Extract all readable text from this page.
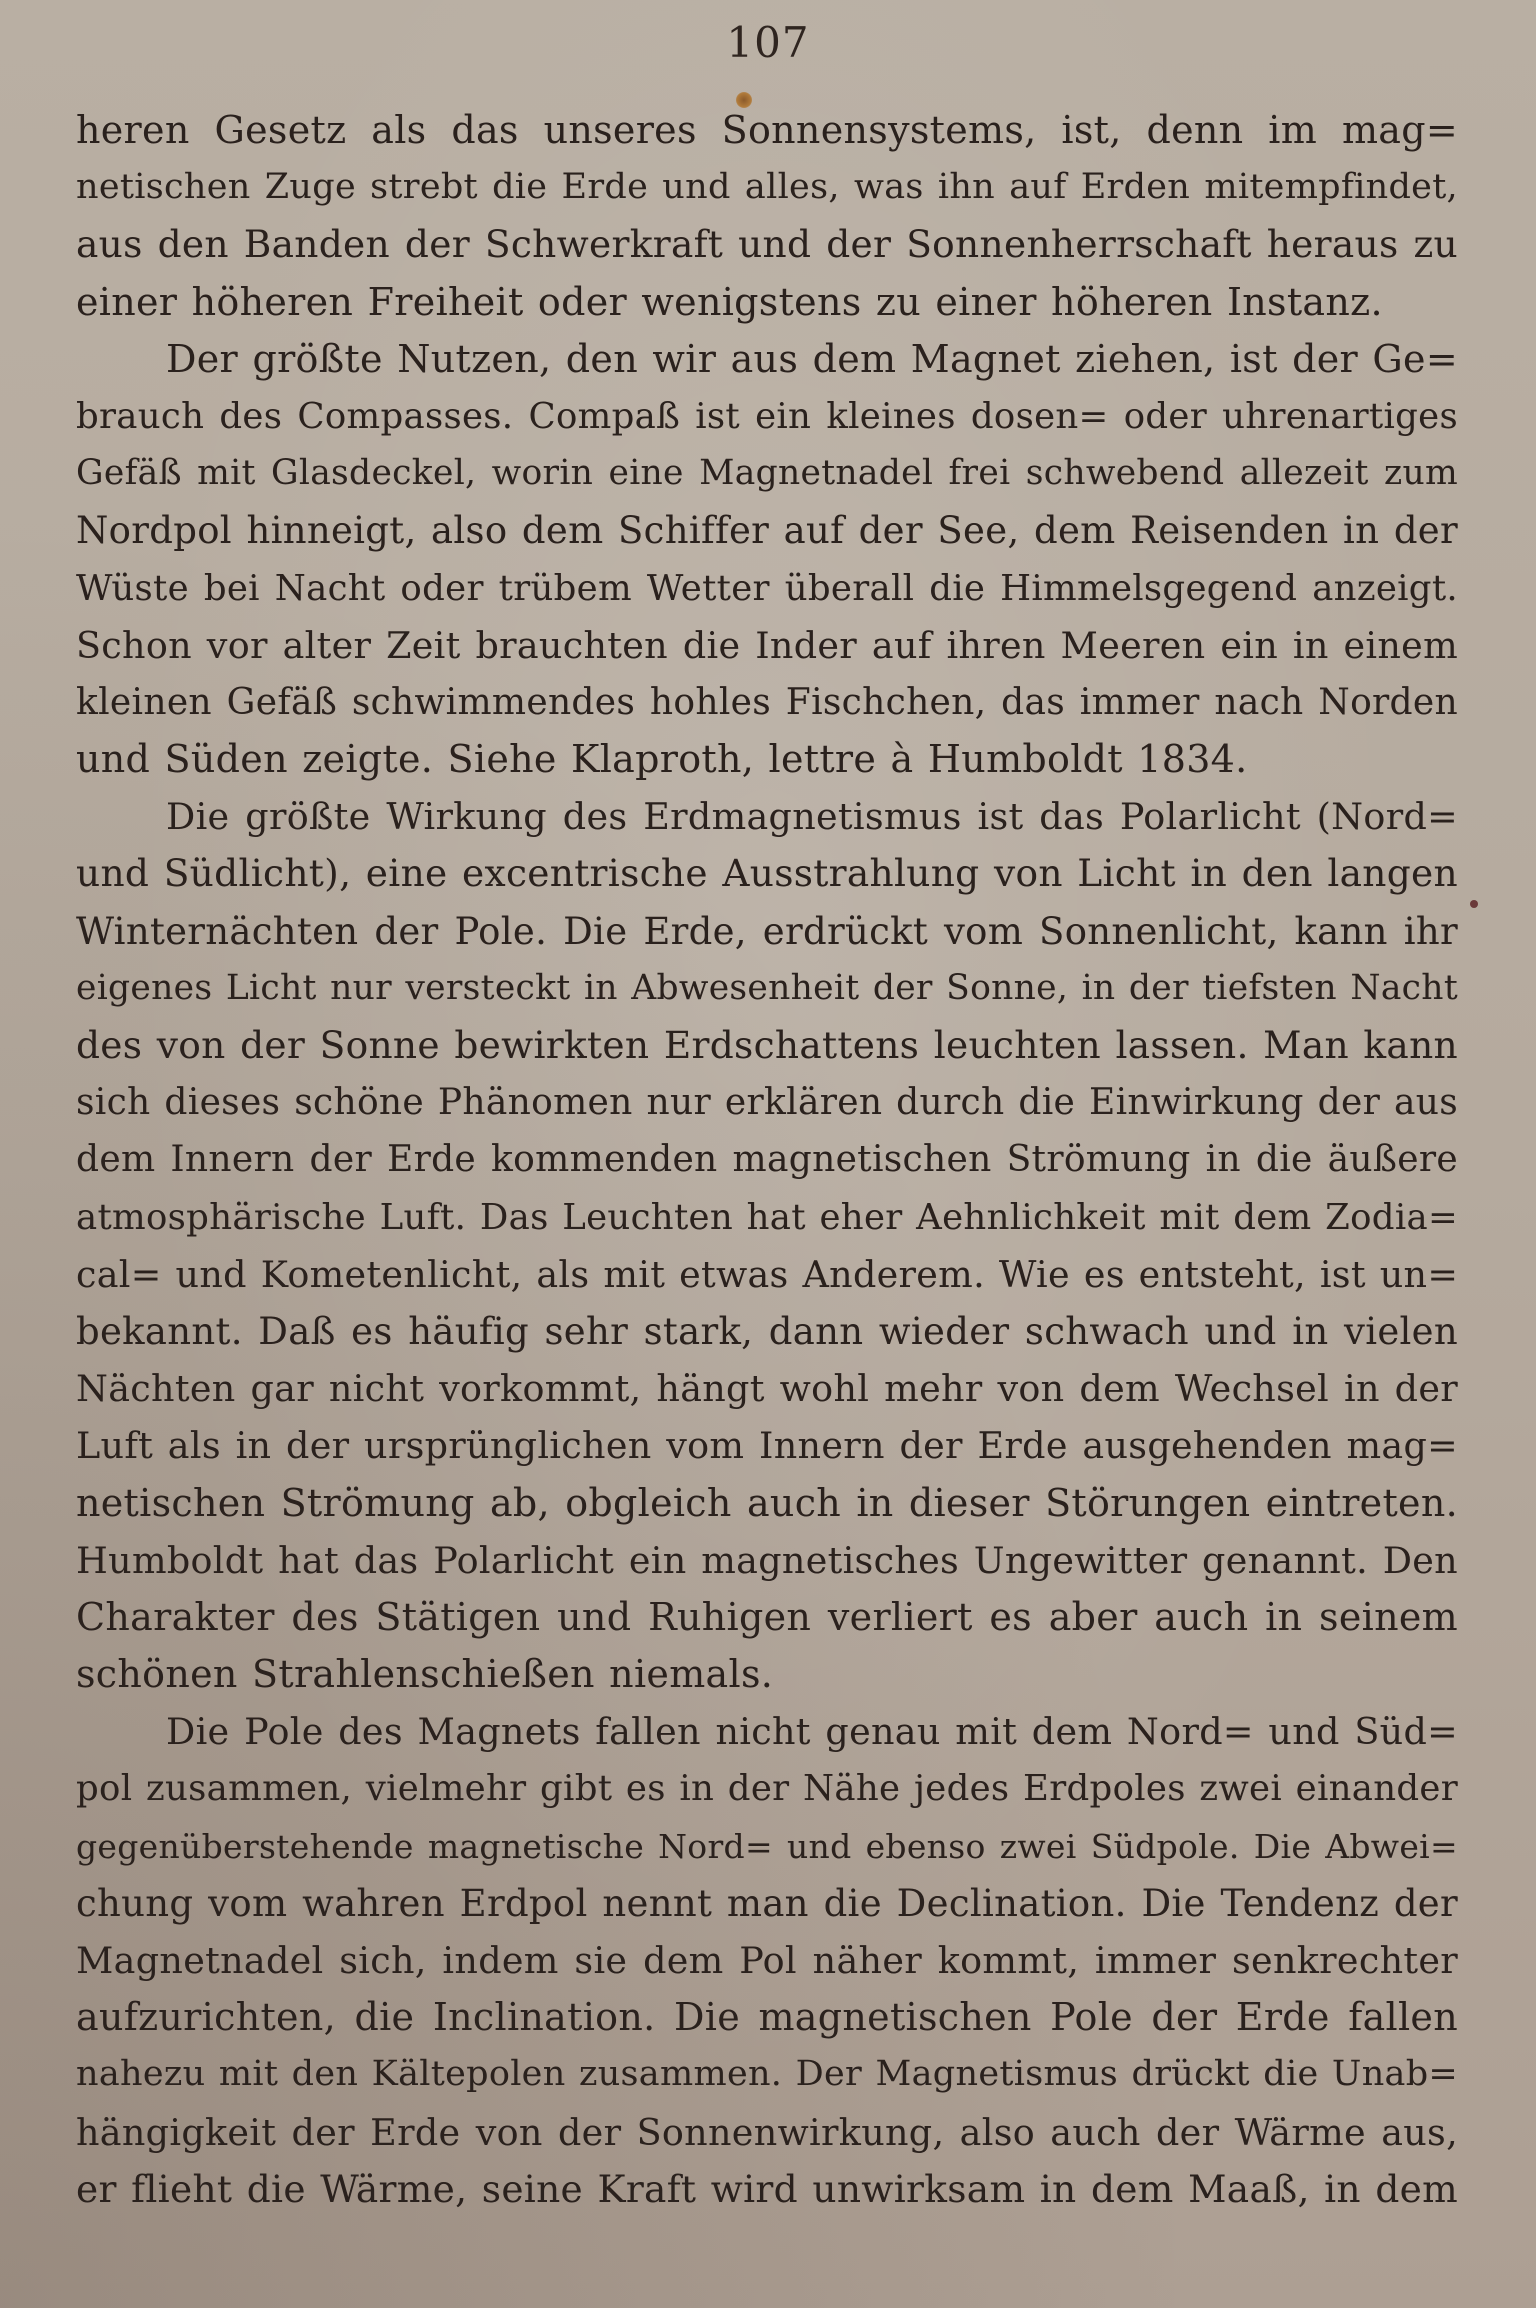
107
heren Gesetz als das unseres Sonnensystems, ist, denn im mag=
netischen Zuge strebt die Erde und alles, was ihn auf Erden mitempfindet,
aus den Banden der Schwerkraft und der Sonnenherrschaft heraus zu
einer höheren Freiheit oder wenigstens zu einer höheren Instanz.
Der größte Nutzen, den wir aus dem Magnet ziehen, ist der Ge=
brauch des Compasses. Compaß ist ein kleines dosen= oder uhrenartiges
Gefäß mit Glasdeckel, worin eine Magnetnadel frei schwebend allezeit zum
Nordpol hinneigt, also dem Schiffer auf der See, dem Reisenden in der
Wüste bei Nacht oder trübem Wetter überall die Himmelsgegend anzeigt.
Schon vor alter Zeit brauchten die Inder auf ihren Meeren ein in einem
kleinen Gefäß schwimmendes hohles Fischchen, das immer nach Norden
und Süden zeigte. Siehe Klaproth, lettre à Humboldt 1834.
Die größte Wirkung des Erdmagnetismus ist das Polarlicht (Nord=
und Südlicht), eine excentrische Ausstrahlung von Licht in den langen
Winternächten der Pole. Die Erde, erdrückt vom Sonnenlicht, kann ihr
eigenes Licht nur versteckt in Abwesenheit der Sonne, in der tiefsten Nacht
des von der Sonne bewirkten Erdschattens leuchten lassen. Man kann
sich dieses schöne Phänomen nur erklären durch die Einwirkung der aus
dem Innern der Erde kommenden magnetischen Strömung in die äußere
atmosphärische Luft. Das Leuchten hat eher Aehnlichkeit mit dem Zodia=
cal= und Kometenlicht, als mit etwas Anderem. Wie es entsteht, ist un=
bekannt. Daß es häufig sehr stark, dann wieder schwach und in vielen
Nächten gar nicht vorkommt, hängt wohl mehr von dem Wechsel in der
Luft als in der ursprünglichen vom Innern der Erde ausgehenden mag=
netischen Strömung ab, obgleich auch in dieser Störungen eintreten.
Humboldt hat das Polarlicht ein magnetisches Ungewitter genannt. Den
Charakter des Stätigen und Ruhigen verliert es aber auch in seinem
schönen Strahlenschießen niemals.
Die Pole des Magnets fallen nicht genau mit dem Nord= und Süd=
pol zusammen, vielmehr gibt es in der Nähe jedes Erdpoles zwei einander
gegenüberstehende magnetische Nord= und ebenso zwei Südpole. Die Abwei=
chung vom wahren Erdpol nennt man die Declination. Die Tendenz der
Magnetnadel sich, indem sie dem Pol näher kommt, immer senkrechter
aufzurichten, die Inclination. Die magnetischen Pole der Erde fallen
nahezu mit den Kältepolen zusammen. Der Magnetismus drückt die Unab=
hängigkeit der Erde von der Sonnenwirkung, also auch der Wärme aus,
er flieht die Wärme, seine Kraft wird unwirksam in dem Maaß, in dem
